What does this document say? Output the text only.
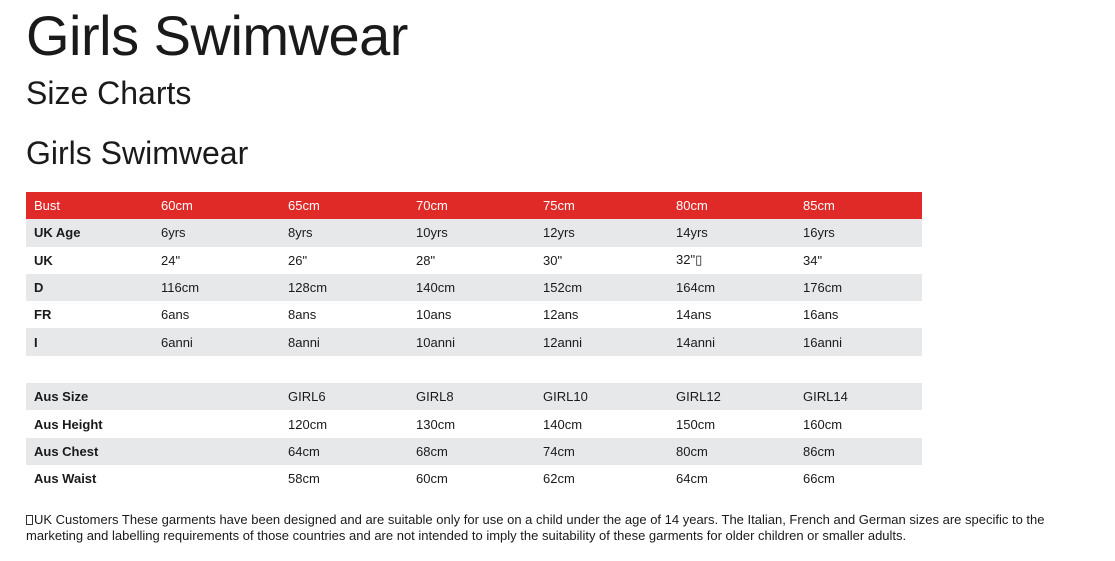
Girls Swimwear
Size Charts
Girls Swimwear
Bust	60cm	65cm	70cm	75cm	80cm	85cm
UK Age	6yrs	8yrs	10yrs	12yrs	14yrs	16yrs
UK	24"	26"	28"	30"	32"▯	34"
D	116cm	128cm	140cm	152cm	164cm	176cm
FR	6ans	8ans	10ans	12ans	14ans	16ans
I	6anni	8anni	10anni	12anni	14anni	16anni

Aus Size		GIRL6	GIRL8	GIRL10	GIRL12	GIRL14
Aus Height		120cm	130cm	140cm	150cm	160cm
Aus Chest		64cm	68cm	74cm	80cm	86cm
Aus Waist		58cm	60cm	62cm	64cm	66cm

UK Customers These garments have been designed and are suitable only for use on a child under the age of 14 years. The Italian, French and German sizes are specific to the
marketing and labelling requirements of those countries and are not intended to imply the suitability of these garments for older children or smaller adults.
